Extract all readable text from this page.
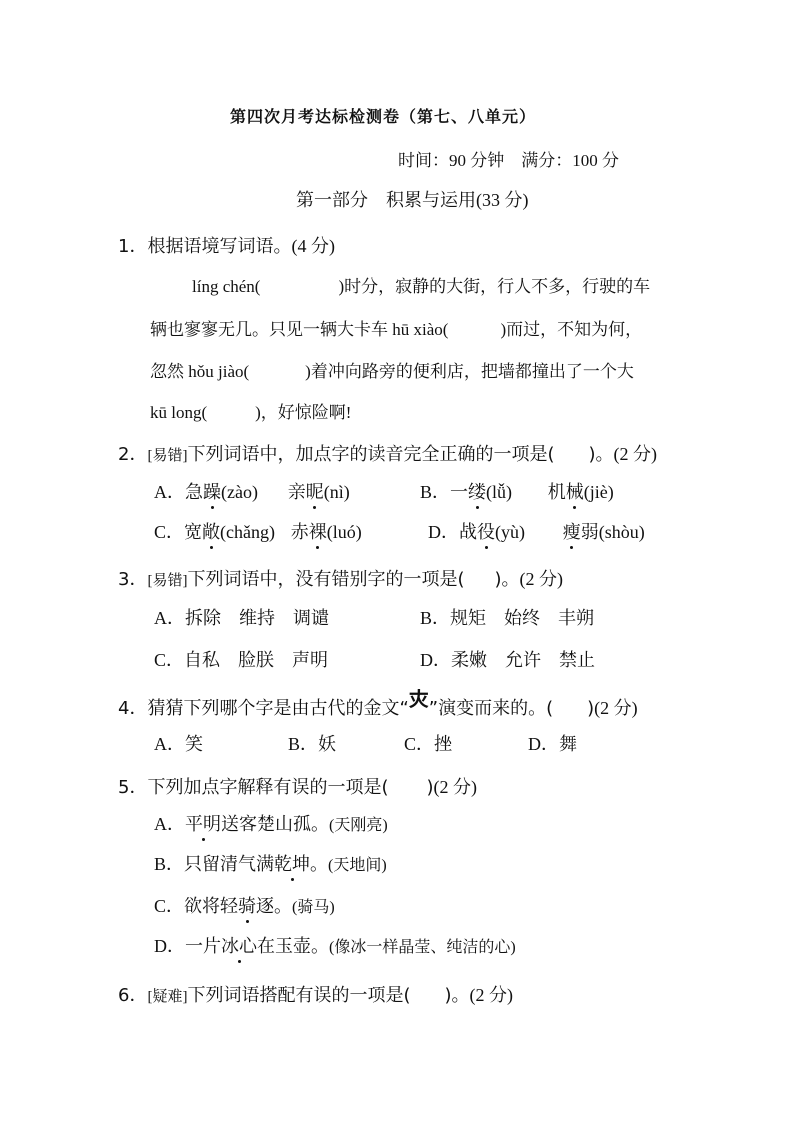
第四次月考达标检测卷（第七、八单元）
时间：90 分钟　满分：100 分
第一部分　积累与运用(33 分)
1．根据语境写词语。(4 分)
líng chén(	)时分，寂静的大街，行人不多，行驶的车
辆也寥寥无几。只见一辆大卡车 hū xiào(	)而过，不知为何，
忽然 hǒu jiào(	)着冲向路旁的便利店，把墙都撞出了一个大
kū long(	)，好惊险啊!
2．[易错]下列词语中，加点字的读音完全正确的一项是( )。(2 分)
A．急躁(zào) 亲昵(nì)	B．一缕(lǚ) 机械(jiè)
C．宽敞(chǎng) 赤裸(luó)	D．战役(yù) 瘦弱(shòu)
3．[易错]下列词语中，没有错别字的一项是( )。(2 分)
A．拆除　维持　调谴	B．规矩　始终　丰朔
C．自私　脸朕　声明	D．柔嫩　允许　禁止
4．猜猜下列哪个字是由古代的金文“𡗜”演变而来的。( )(2 分)
A．笑	B．妖	C．挫	D．舞
5．下列加点字解释有误的一项是( )(2 分)
A．平明送客楚山孤。(天刚亮)
B．只留清气满乾坤。(天地间)
C．欲将轻骑逐。(骑马)
D．一片冰心在玉壶。(像冰一样晶莹、纯洁的心)
6．[疑难]下列词语搭配有误的一项是( )。(2 分)
